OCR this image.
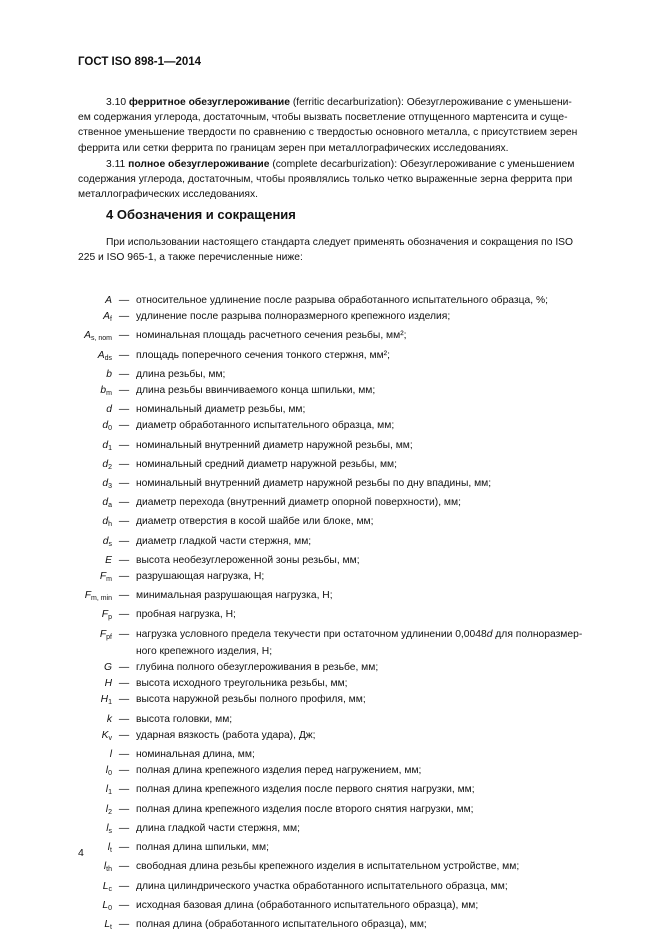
ГОСТ ISO 898-1—2014
3.10 ферритное обезуглероживание (ferritic decarburization): Обезуглероживание с уменьшени-
ем содержания углерода, достаточным, чтобы вызвать посветление отпущенного мартенсита и суще-
ственное уменьшение твердости по сравнению с твердостью основного металла, с присутствием зерен
феррита или сетки феррита по границам зерен при металлографических исследованиях.
3.11 полное обезуглероживание (complete decarburization): Обезуглероживание с уменьшением
содержания углерода, достаточным, чтобы проявлялись только четко выраженные зерна феррита при
металлографических исследованиях.
4 Обозначения и сокращения
При использовании настоящего стандарта следует применять обозначения и сокращения по ISO
225 и ISO 965-1, а также перечисленные ниже:
A — относительное удлинение после разрыва обработанного испытательного образца, %;
$A_f$ — удлинение после разрыва полноразмерного крепежного изделия;
$A_{s, nom}$ — номинальная площадь расчетного сечения резьбы, мм²;
$A_{ds}$ — площадь поперечного сечения тонкого стержня, мм²;
b — длина резьбы, мм;
$b_m$ — длина резьбы ввинчиваемого конца шпильки, мм;
d — номинальный диаметр резьбы, мм;
$d_0$ — диаметр обработанного испытательного образца, мм;
$d_1$ — номинальный внутренний диаметр наружной резьбы, мм;
$d_2$ — номинальный средний диаметр наружной резьбы, мм;
$d_3$ — номинальный внутренний диаметр наружной резьбы по дну впадины, мм;
$d_a$ — диаметр перехода (внутренний диаметр опорной поверхности), мм;
$d_h$ — диаметр отверстия в косой шайбе или блоке, мм;
$d_s$ — диаметр гладкой части стержня, мм;
E — высота необезуглероженной зоны резьбы, мм;
$F_m$ — разрушающая нагрузка, Н;
$F_{m, min}$ — минимальная разрушающая нагрузка, Н;
$F_p$ — пробная нагрузка, Н;
$F_{pf}$ — нагрузка условного предела текучести при остаточном удлинении 0,0048d для полноразмер-
ного крепежного изделия, Н;
G — глубина полного обезуглероживания в резьбе, мм;
H — высота исходного треугольника резьбы, мм;
$H_1$ — высота наружной резьбы полного профиля, мм;
k — высота головки, мм;
$K_v$ — ударная вязкость (работа удара), Дж;
l — номинальная длина, мм;
$l_0$ — полная длина крепежного изделия перед нагружением, мм;
$l_1$ — полная длина крепежного изделия после первого снятия нагрузки, мм;
$l_2$ — полная длина крепежного изделия после второго снятия нагрузки, мм;
$l_s$ — длина гладкой части стержня, мм;
$l_t$ — полная длина шпильки, мм;
$l_{th}$ — свободная длина резьбы крепежного изделия в испытательном устройстве, мм;
$L_c$ — длина цилиндрического участка обработанного испытательного образца, мм;
$L_0$ — исходная базовая длина (обработанного испытательного образца), мм;
$L_t$ — полная длина (обработанного испытательного образца), мм;
4
